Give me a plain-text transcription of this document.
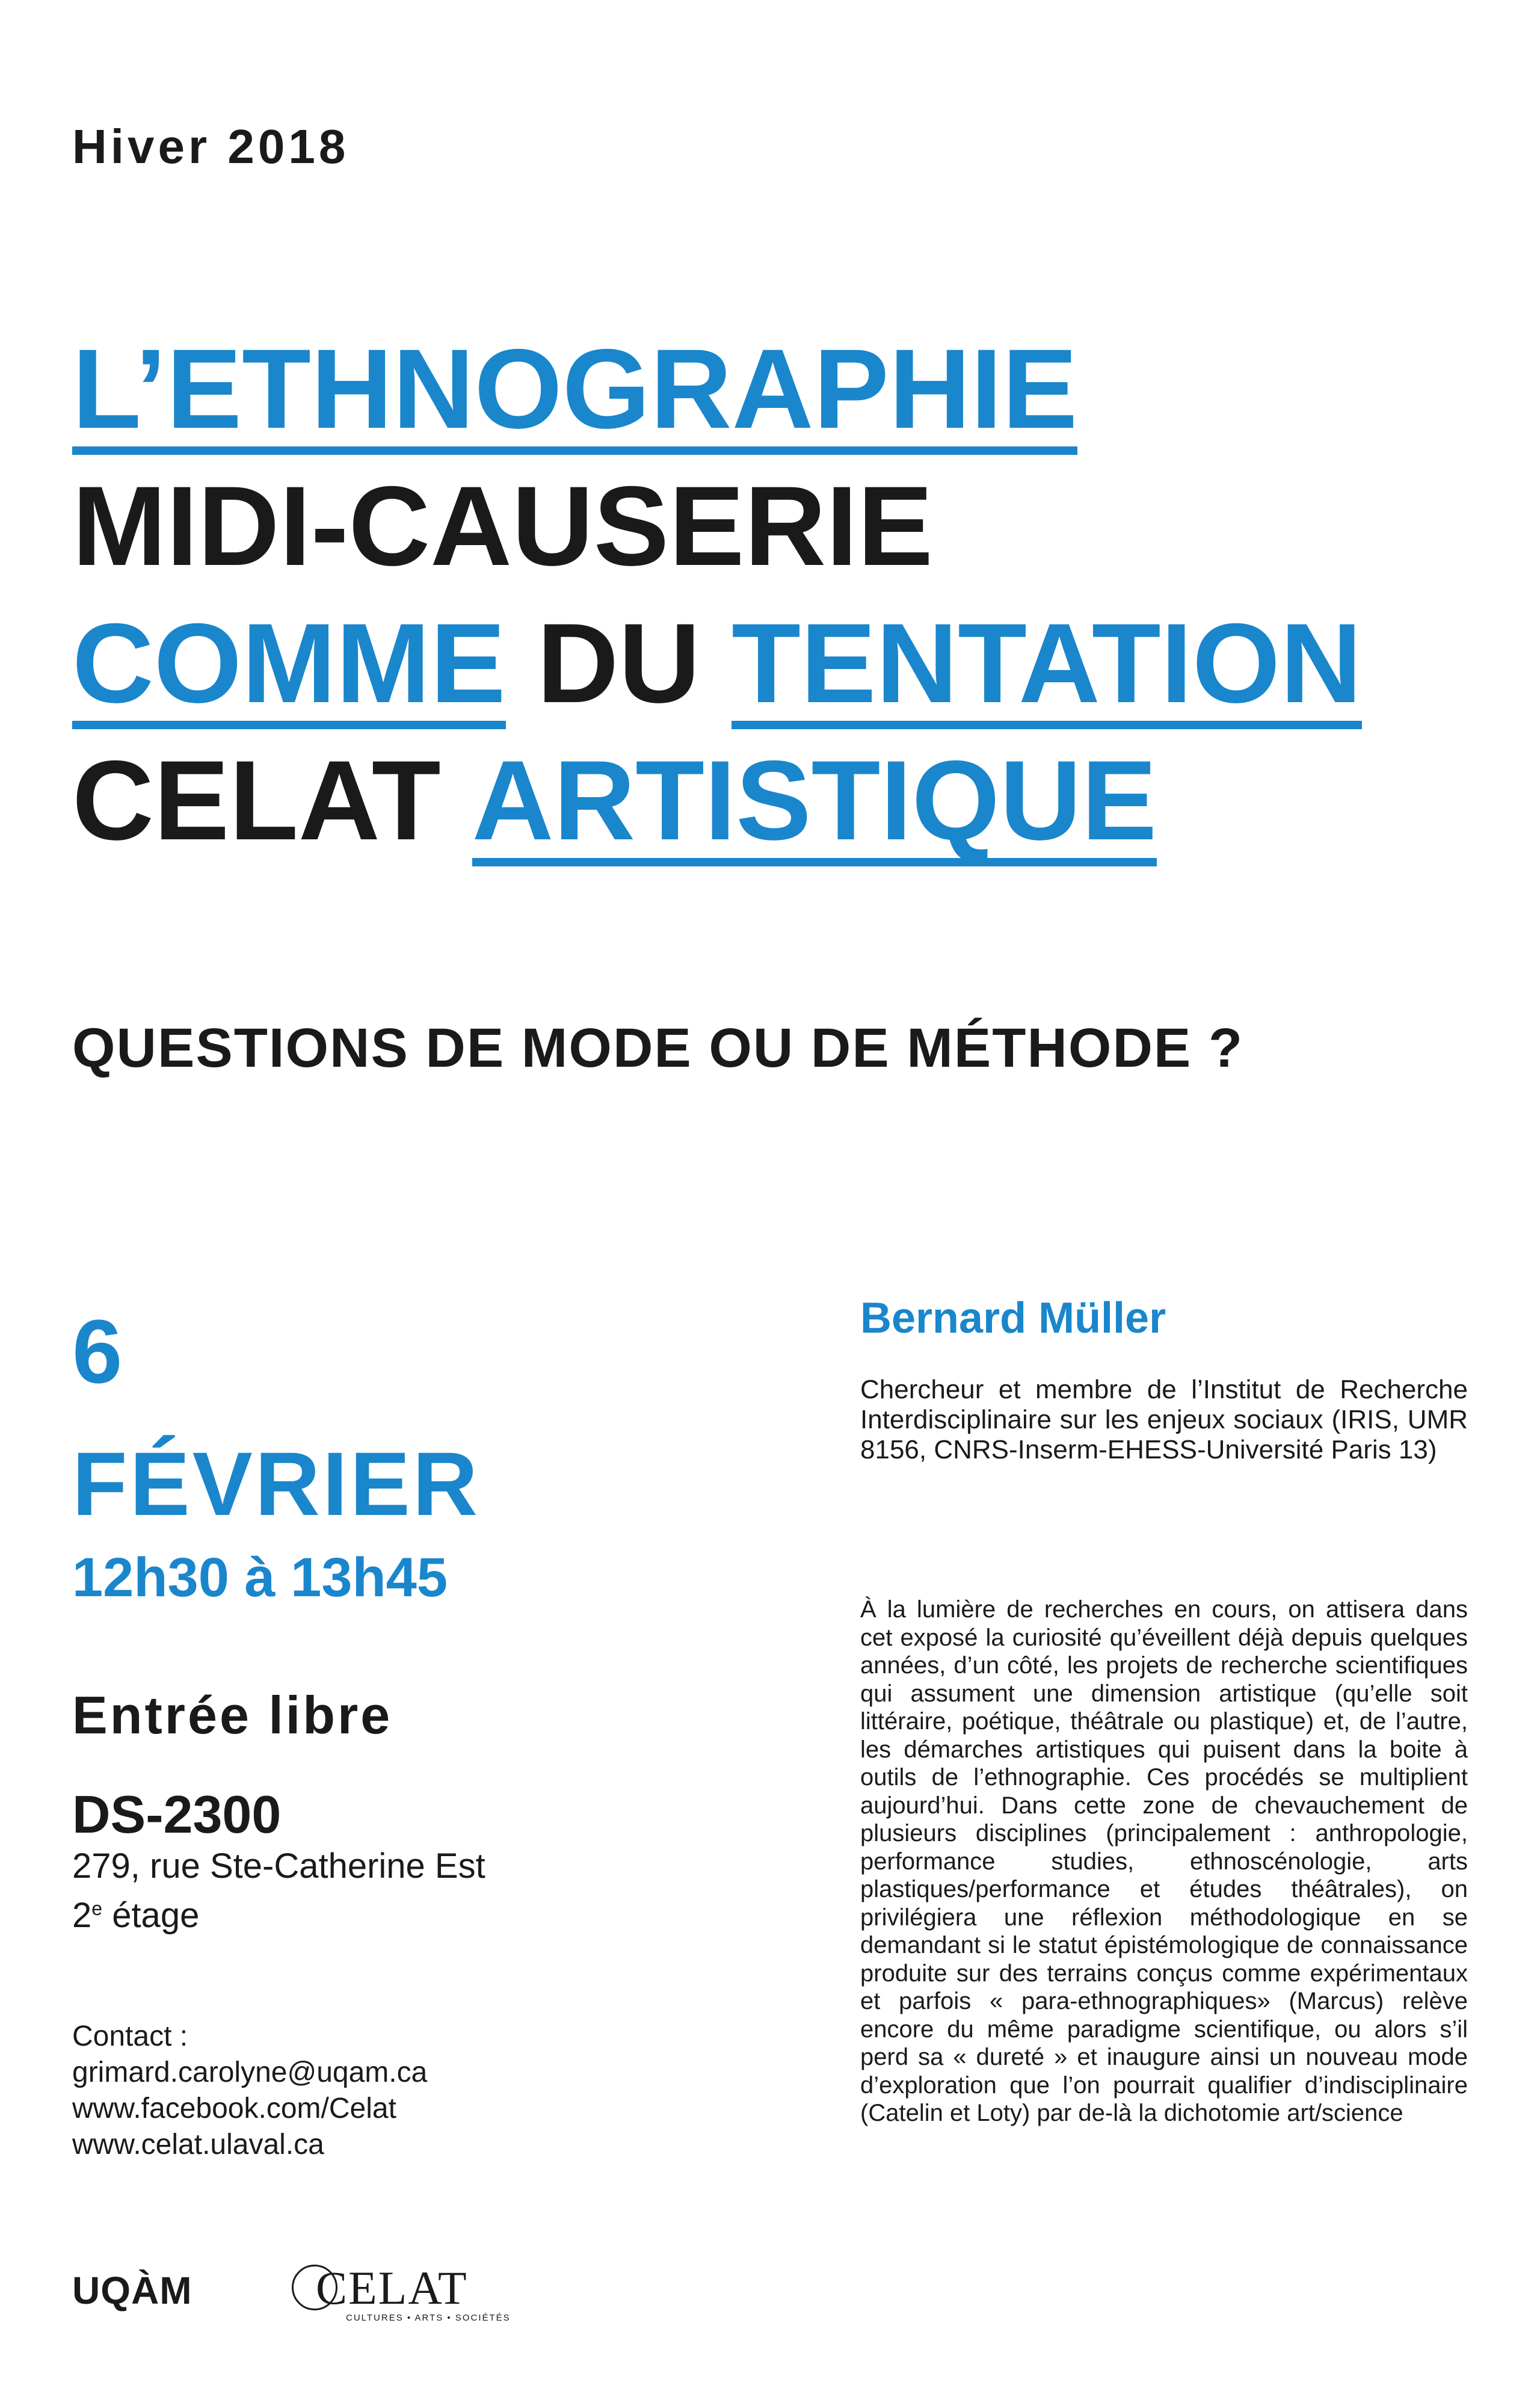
Hiver 2018
L’ETHNOGRAPHIE
MIDI-CAUSERIE
COMME DU TENTATION
CELAT ARTISTIQUE
QUESTIONS DE MODE OU DE MÉTHODE ?
6
FÉVRIER
12h30 à 13h45
Entrée libre
DS-2300
279, rue Ste-Catherine Est
2e étage
Contact :
grimard.carolyne@uqam.ca
www.facebook.com/Celat
www.celat.ulaval.ca
Bernard Müller
Chercheur et membre de l’Institut de Recherche Interdisciplinaire sur les enjeux sociaux (IRIS, UMR 8156, CNRS-Inserm-EHESS-Université Paris 13)
À la lumière de recherches en cours, on attisera dans cet exposé la curiosité qu’éveillent déjà depuis quelques années, d’un côté, les projets de recherche scientifiques qui assument une dimension artistique (qu’elle soit littéraire, poétique, théâtrale ou plastique) et, de l’autre, les démarches artistiques qui puisent dans la boite à outils de l’ethnographie. Ces procédés se multiplient aujourd’hui. Dans cette zone de chevauchement de plusieurs disciplines (principalement : anthropologie, performance studies, ethnoscénologie, arts plastiques/performance et études théâtrales), on privilégiera une réflexion méthodologique en se demandant si le statut épistémologique de connaissance produite sur des terrains conçus comme expérimentaux et parfois « para-ethnographiques» (Marcus) relève encore du même paradigme scientifique, ou alors s’il perd sa « dureté » et inaugure ainsi un nouveau mode d’exploration que l’on pourrait qualifier d’indisciplinaire (Catelin et Loty) par de-là la dichotomie art/science
UQÀM	CELAT
CULTURES • ARTS • SOCIÉTÉS
